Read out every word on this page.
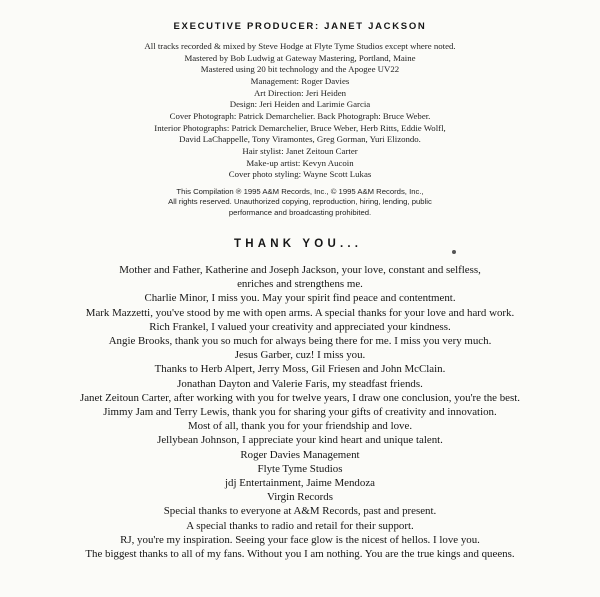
EXECUTIVE PRODUCER: JANET JACKSON
All tracks recorded & mixed by Steve Hodge at Flyte Tyme Studios except where noted.
Mastered by Bob Ludwig at Gateway Mastering, Portland, Maine
Mastered using 20 bit technology and the Apogee UV22
Management: Roger Davies
Art Direction: Jeri Heiden
Design: Jeri Heiden and Larimie Garcia
Cover Photograph: Patrick Demarchelier. Back Photograph: Bruce Weber.
Interior Photographs: Patrick Demarchelier, Bruce Weber, Herb Ritts, Eddie Wolfl,
David LaChappelle, Tony Viramontes, Greg Gorman, Yuri Elizondo.
Hair stylist: Janet Zeitoun Carter
Make-up artist: Kevyn Aucoin
Cover photo styling: Wayne Scott Lukas
This Compilation ℗ 1995 A&M Records, Inc., © 1995 A&M Records, Inc.,
All rights reserved. Unauthorized copying, reproduction, hiring, lending, public
performance and broadcasting prohibited.
THANK YOU...
Mother and Father, Katherine and Joseph Jackson, your love, constant and selfless,
enriches and strengthens me.
Charlie Minor, I miss you. May your spirit find peace and contentment.
Mark Mazzetti, you've stood by me with open arms. A special thanks for your love and hard work.
Rich Frankel, I valued your creativity and appreciated your kindness.
Angie Brooks, thank you so much for always being there for me. I miss you very much.
Jesus Garber, cuz! I miss you.
Thanks to Herb Alpert, Jerry Moss, Gil Friesen and John McClain.
Jonathan Dayton and Valerie Faris, my steadfast friends.
Janet Zeitoun Carter, after working with you for twelve years, I draw one conclusion, you're the best.
Jimmy Jam and Terry Lewis, thank you for sharing your gifts of creativity and innovation.
Most of all, thank you for your friendship and love.
Jellybean Johnson, I appreciate your kind heart and unique talent.
Roger Davies Management
Flyte Tyme Studios
jdj Entertainment, Jaime Mendoza
Virgin Records
Special thanks to everyone at A&M Records, past and present.
A special thanks to radio and retail for their support.
RJ, you're my inspiration. Seeing your face glow is the nicest of hellos. I love you.
The biggest thanks to all of my fans. Without you I am nothing. You are the true kings and queens.
